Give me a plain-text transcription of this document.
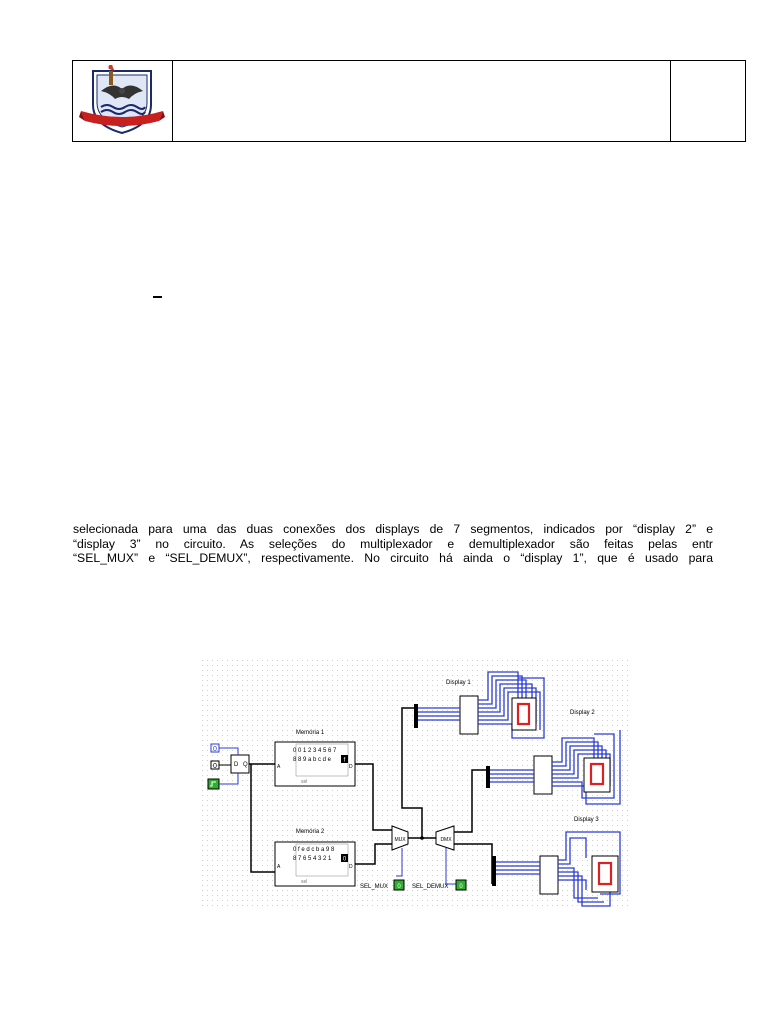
selecionada para uma das duas conexões dos displays de 7 segmentos, indicados por “display 2” e
“display 3” no circuito. As seleções do multiplexador e demultiplexador são feitas pelas entr
“SEL_MUX” e “SEL_DEMUX”, respectivamente. No circuito há ainda o “display 1”, que é usado para

0
0	D Q
Memória 1
0 0 1 2 3 4 5 6 7
8 8 9 a b c d e f
A	D
sel
Memória 2
0 f e d c b a 9 8
8 7 6 5 4 3 2 1 0
A	D
sel
MUX	DMX
SEL_MUX 0 SEL_DEMUX 0
Display 1
Display 2
Display 3
